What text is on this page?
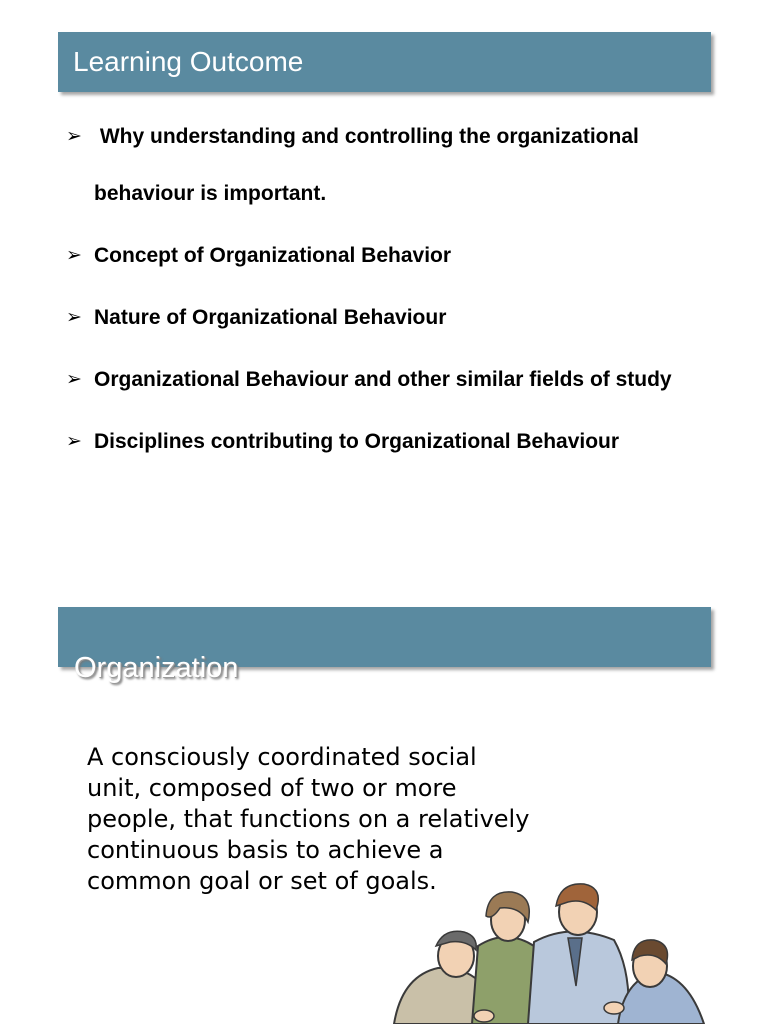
Learning Outcome
➢ Why understanding and controlling the organizational behaviour is important.
➢ Concept of Organizational Behavior
➢ Nature of Organizational Behaviour
➢ Organizational Behaviour and other similar fields of study
➢ Disciplines contributing to Organizational Behaviour
Organization
A consciously coordinated social unit, composed of two or more people, that functions on a relatively continuous basis to achieve a common goal or set of goals.
